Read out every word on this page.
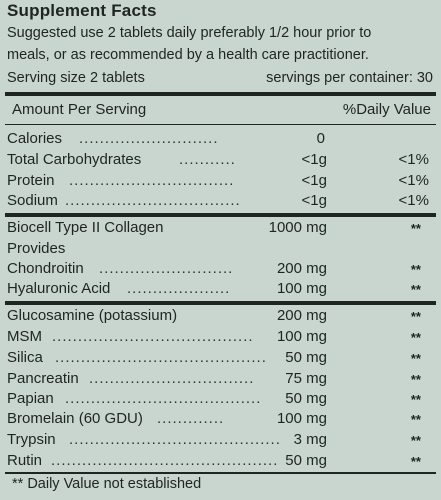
Supplement Facts
Suggested use 2 tablets daily preferably 1/2 hour prior to
meals, or as recommended by a health care practitioner.
Serving size 2 tablets	servings per container: 30
Amount Per Serving	%Daily Value
Calories ...........................	0
Total Carbohydrates	...........	<1g	<1%
Protein ................................	<1g	<1%
Sodium ..................................	<1g	<1%
Biocell Type II Collagen	1000 mg	**
Provides
Chondroitin ..........................	200 mg	**
Hyaluronic Acid ....................	100 mg	**
Glucosamine (potassium)	200 mg	**
MSM .......................................	100 mg	**
Silica .........................................	50 mg	**
Pancreatin ................................	75 mg	**
Papian ......................................	50 mg	**
Bromelain (60 GDU) .............	100 mg	**
Trypsin ......................................... 3 mg	**
Rutin ............................................ 50 mg	**
** Daily Value not established
